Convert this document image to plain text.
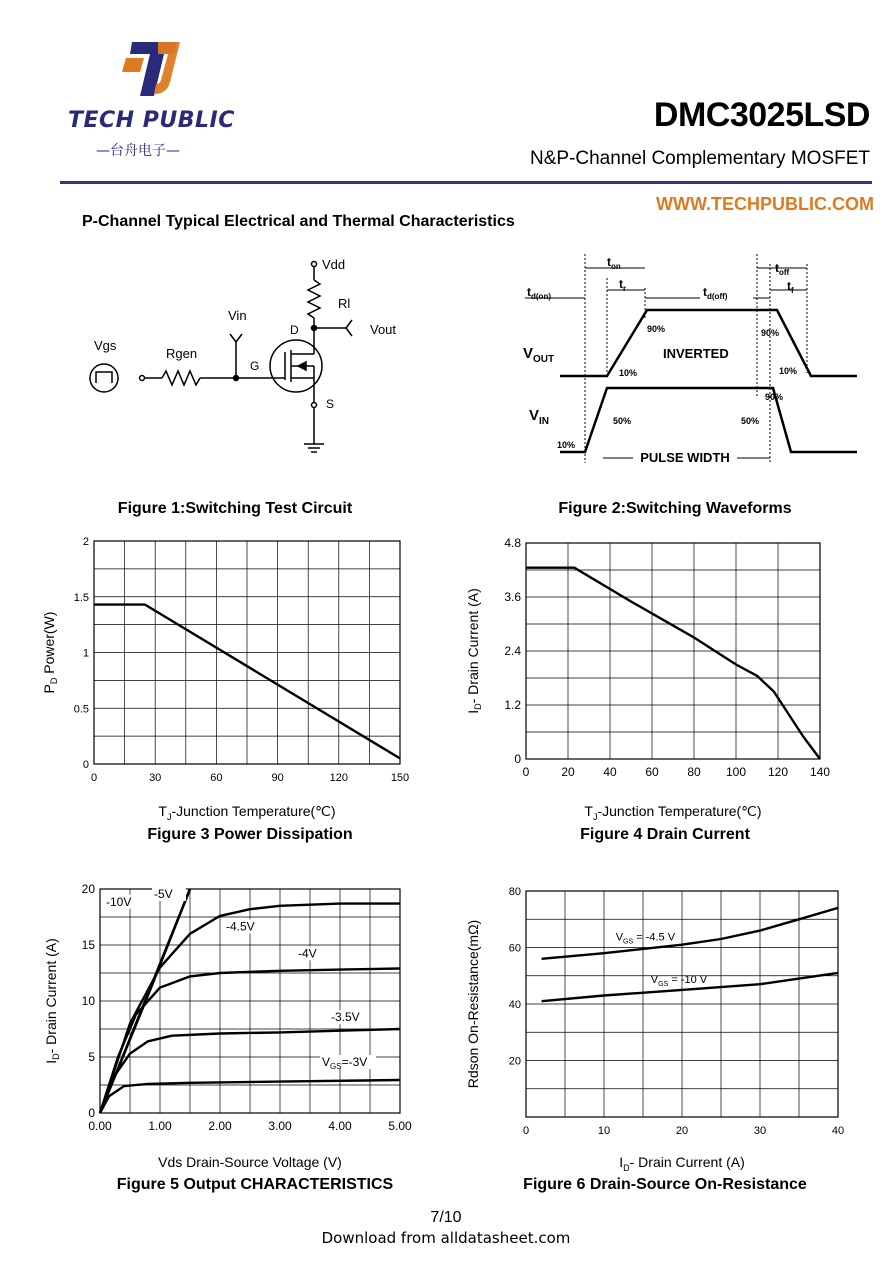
TECH PUBLIC
—台舟电子—
DMC3025LSD
N&P-Channel Complementary MOSFET
WWW.TECHPUBLIC.COM
P-Channel Typical Electrical and Thermal Characteristics
Vgs
Rgen
Vin
G
D
S
Vdd
Rl
Vout
Figure 1:Switching Test Circuit
$t_{on}$
$t_r$
$t_{d(on)}$	$t_{d(off)}$
$t_{off}$
$t_f$
$V_{OUT}$
$V_{IN}$
INVERTED
90%	90%
10%	10%
50%	50%
10%
90%
PULSE WIDTH
Figure 2:Switching Waveforms
0	30	60	90	120	150
0
0.5
1
1.5
2
$P_D$ Power(W)
$T_J$-Junction Temperature(℃)
Figure 3 Power Dissipation
0	20 40 60 80 100 120 140
0
1.2
2.4
3.6
4.8
$I_D-$ Drain Current (A)
$T_J$-Junction Temperature(℃)
Figure 4 Drain Current
0.00	1.00	2.00	3.00	4.00	5.00
0
5
10
15
20
$I_D-$ Drain Current (A)
-10V
-5V
-4.5V
-4V
-3.5V
$V_{GS}=-3V$
Vds Drain-Source Voltage (V)
Figure 5 Output CHARACTERISTICS
0	10	20	30	40
20
40
60
80
Rdson On-Resistance(mΩ)	$V_{GS} = -4.5$ V
$V_{GS} = -10$ V
$I_D-$ Drain Current (A)
Figure 6 Drain-Source On-Resistance
7/10
Download from alldatasheet.com
